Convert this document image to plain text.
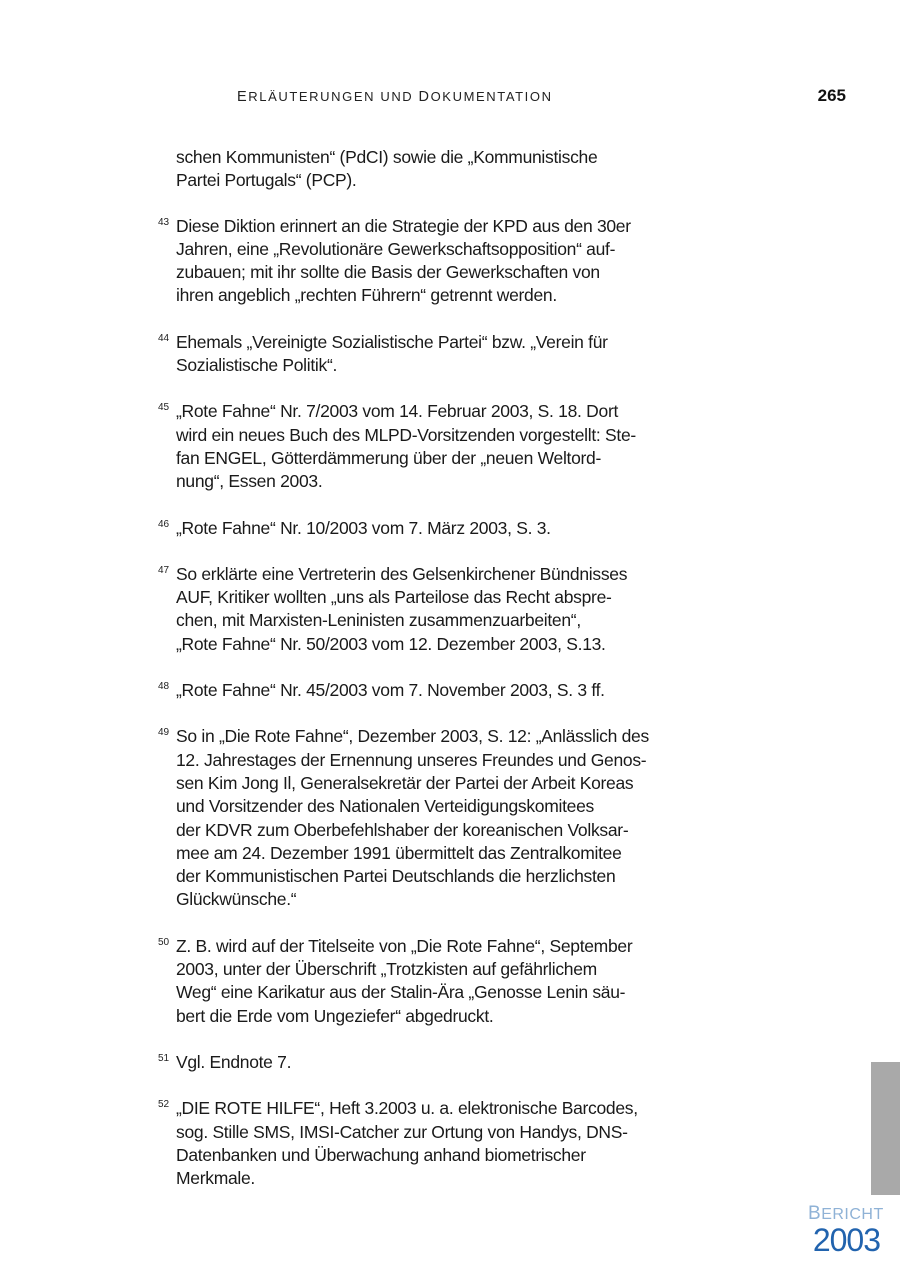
ERLÄUTERUNGEN UND DOKUMENTATION	265
schen Kommunisten“ (PdCI) sowie die „Kommunistische
Partei Portugals“ (PCP).
43 Diese Diktion erinnert an die Strategie der KPD aus den 30er
Jahren, eine „Revolutionäre Gewerkschaftsopposition“ auf-
zubauen; mit ihr sollte die Basis der Gewerkschaften von
ihren angeblich „rechten Führern“ getrennt werden.
44 Ehemals „Vereinigte Sozialistische Partei“ bzw. „Verein für
Sozialistische Politik“.
45 „Rote Fahne“ Nr. 7/2003 vom 14. Februar 2003, S. 18. Dort
wird ein neues Buch des MLPD-Vorsitzenden vorgestellt: Ste-
fan ENGEL, Götterdämmerung über der „neuen Weltord-
nung“, Essen 2003.
46 „Rote Fahne“ Nr. 10/2003 vom 7. März 2003, S. 3.
47 So erklärte eine Vertreterin des Gelsenkirchener Bündnisses
AUF, Kritiker wollten „uns als Parteilose das Recht abspre-
chen, mit Marxisten-Leninisten zusammenzuarbeiten“,
„Rote Fahne“ Nr. 50/2003 vom 12. Dezember 2003, S.13.
48 „Rote Fahne“ Nr. 45/2003 vom 7. November 2003, S. 3 ff.
49 So in „Die Rote Fahne“, Dezember 2003, S. 12: „Anlässlich des
12. Jahrestages der Ernennung unseres Freundes und Genos-
sen Kim Jong Il, Generalsekretär der Partei der Arbeit Koreas
und Vorsitzender des Nationalen Verteidigungskomitees
der KDVR zum Oberbefehlshaber der koreanischen Volksar-
mee am 24. Dezember 1991 übermittelt das Zentralkomitee
der Kommunistischen Partei Deutschlands die herzlichsten
Glückwünsche.“
50 Z. B. wird auf der Titelseite von „Die Rote Fahne“, September
2003, unter der Überschrift „Trotzkisten auf gefährlichem
Weg“ eine Karikatur aus der Stalin-Ära „Genosse Lenin säu-
bert die Erde vom Ungeziefer“ abgedruckt.
51 Vgl. Endnote 7.
52 „DIE ROTE HILFE“, Heft 3.2003 u. a. elektronische Barcodes,
sog. Stille SMS, IMSI-Catcher zur Ortung von Handys, DNS-
Datenbanken und Überwachung anhand biometrischer
Merkmale.
BERICHT
2003
